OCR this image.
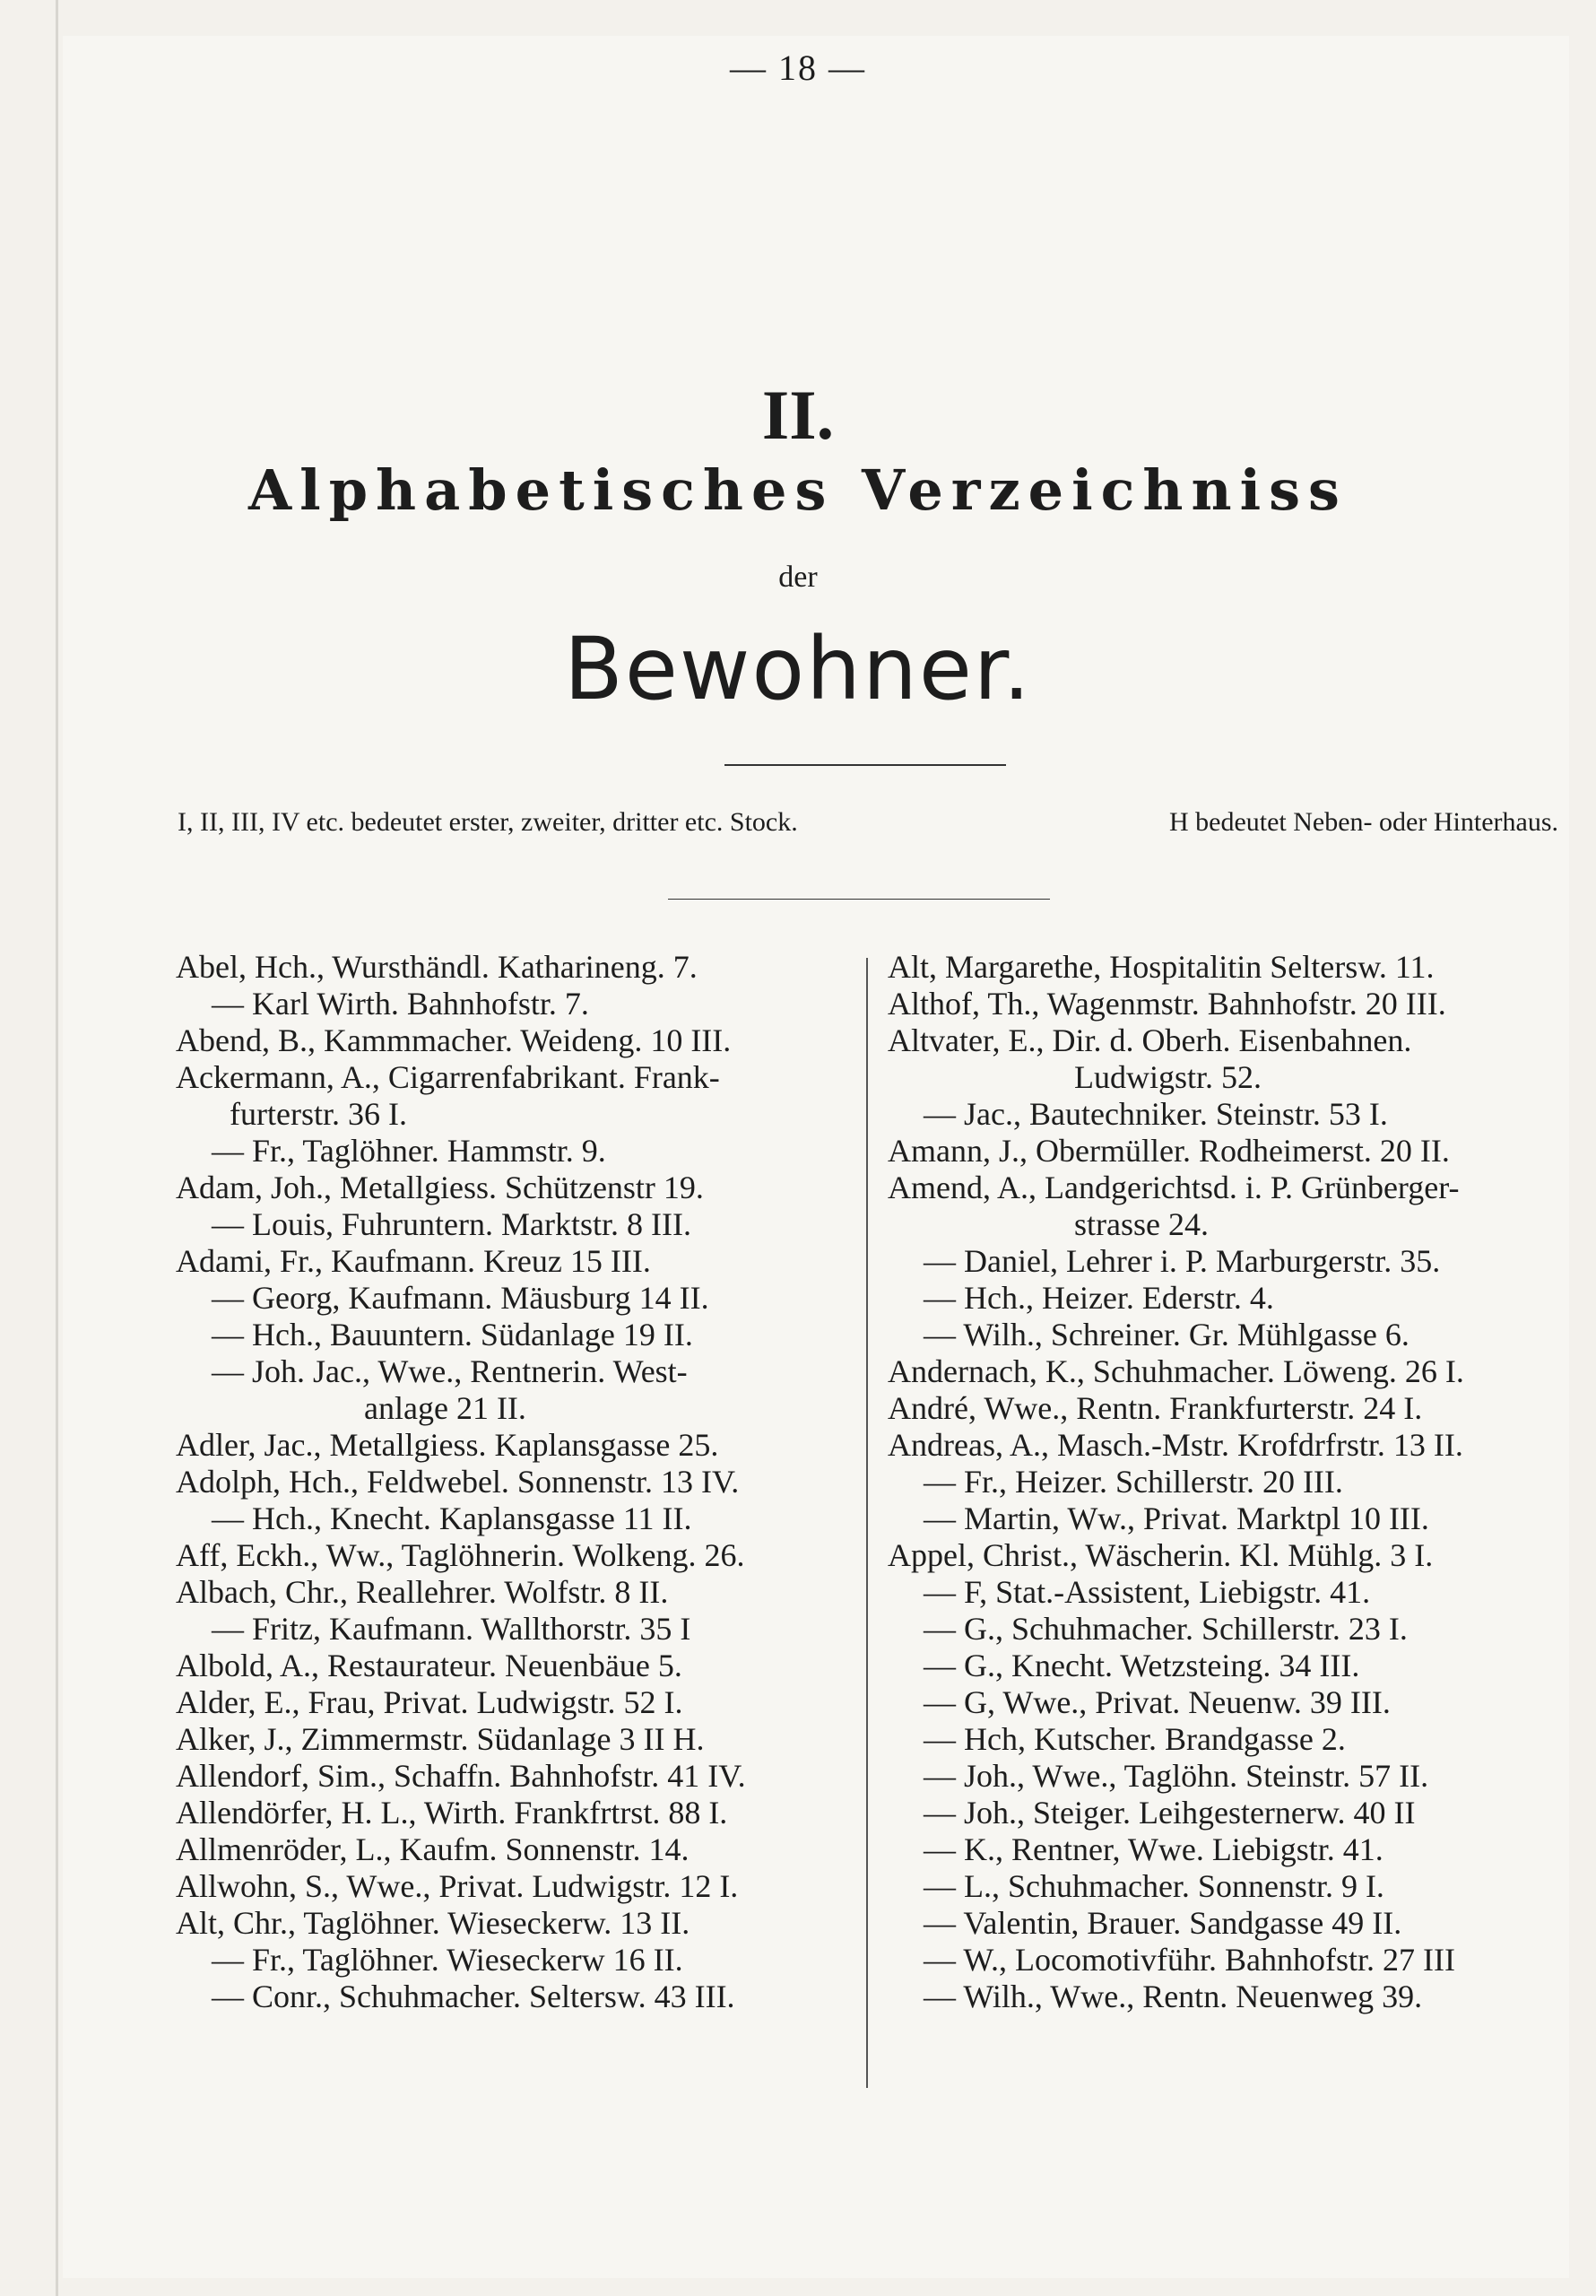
— 18 —
II.
Alphabetisches Verzeichniss
der
Bewohner.
I, II, III, IV etc. bedeutet erster, zweiter, dritter etc. Stock.	H bedeutet Neben- oder Hinterhaus.
Abel, Hch., Wursthändl. Katharineng. 7.
— Karl Wirth. Bahnhofstr. 7.
Abend, B., Kammmacher. Weideng. 10 III.
Ackermann, A., Cigarrenfabrikant. Frank-
furterstr. 36 I.
— Fr., Taglöhner. Hammstr. 9.
Adam, Joh., Metallgiess. Schützenstr 19.
— Louis, Fuhruntern. Marktstr. 8 III.
Adami, Fr., Kaufmann. Kreuz 15 III.
— Georg, Kaufmann. Mäusburg 14 II.
— Hch., Bauuntern. Südanlage 19 II.
— Joh. Jac., Wwe., Rentnerin. West-
anlage 21 II.
Adler, Jac., Metallgiess. Kaplansgasse 25.
Adolph, Hch., Feldwebel. Sonnenstr. 13 IV.
— Hch., Knecht. Kaplansgasse 11 II.
Aff, Eckh., Ww., Taglöhnerin. Wolkeng. 26.
Albach, Chr., Reallehrer. Wolfstr. 8 II.
— Fritz, Kaufmann. Wallthorstr. 35 I
Albold, A., Restaurateur. Neuenbäue 5.
Alder, E., Frau, Privat. Ludwigstr. 52 I.
Alker, J., Zimmermstr. Südanlage 3 II H.
Allendorf, Sim., Schaffn. Bahnhofstr. 41 IV.
Allendörfer, H. L., Wirth. Frankfrtrst. 88 I.
Allmenröder, L., Kaufm. Sonnenstr. 14.
Allwohn, S., Wwe., Privat. Ludwigstr. 12 I.
Alt, Chr., Taglöhner. Wieseckerw. 13 II.
— Fr., Taglöhner. Wieseckerw 16 II.
— Conr., Schuhmacher. Seltersw. 43 III.
Alt, Margarethe, Hospitalitin Seltersw. 11.
Althof, Th., Wagenmstr. Bahnhofstr. 20 III.
Altvater, E., Dir. d. Oberh. Eisenbahnen.
Ludwigstr. 52.
— Jac., Bautechniker. Steinstr. 53 I.
Amann, J., Obermüller. Rodheimerst. 20 II.
Amend, A., Landgerichtsd. i. P. Grünberger-
strasse 24.
— Daniel, Lehrer i. P. Marburgerstr. 35.
— Hch., Heizer. Ederstr. 4.
— Wilh., Schreiner. Gr. Mühlgasse 6.
Andernach, K., Schuhmacher. Löweng. 26 I.
André, Wwe., Rentn. Frankfurterstr. 24 I.
Andreas, A., Masch.-Mstr. Krofdrfrstr. 13 II.
— Fr., Heizer. Schillerstr. 20 III.
— Martin, Ww., Privat. Marktpl 10 III.
Appel, Christ., Wäscherin. Kl. Mühlg. 3 I.
— F, Stat.-Assistent, Liebigstr. 41.
— G., Schuhmacher. Schillerstr. 23 I.
— G., Knecht. Wetzsteing. 34 III.
— G, Wwe., Privat. Neuenw. 39 III.
— Hch, Kutscher. Brandgasse 2.
— Joh., Wwe., Taglöhn. Steinstr. 57 II.
— Joh., Steiger. Leihgesternerw. 40 II
— K., Rentner, Wwe. Liebigstr. 41.
— L., Schuhmacher. Sonnenstr. 9 I.
— Valentin, Brauer. Sandgasse 49 II.
— W., Locomotivführ. Bahnhofstr. 27 III
— Wilh., Wwe., Rentn. Neuenweg 39.
